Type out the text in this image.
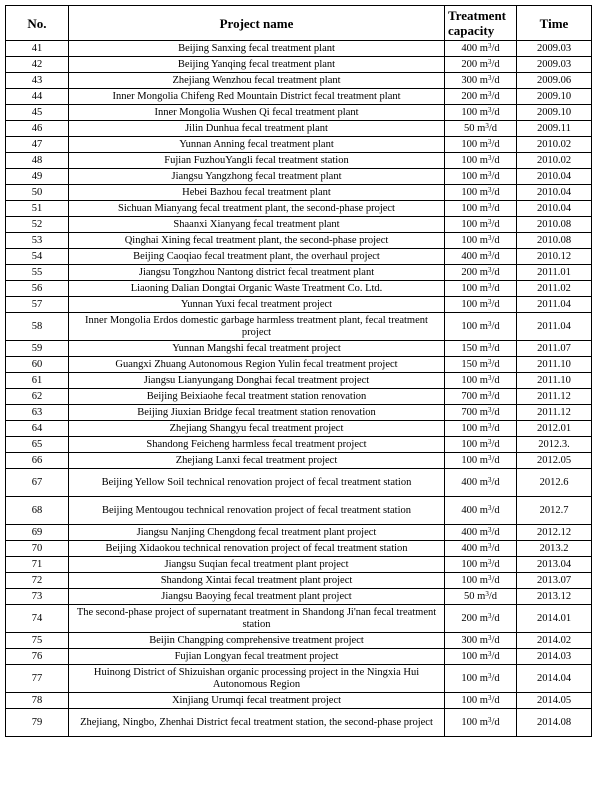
No.	Project name	Treatment capacity	Time
41	Beijing Sanxing fecal treatment plant	400 $m^3/d$	2009.03
42	Beijing Yanqing fecal treatment plant	200 $m^3/d$	2009.03
43	Zhejiang Wenzhou fecal treatment plant	300 $m^3/d$	2009.06
44	Inner Mongolia Chifeng Red Mountain District fecal treatment plant	200 $m^3/d$	2009.10
45	Inner Mongolia Wushen Qi fecal treatment plant	100 $m^3/d$	2009.10
46	Jilin Dunhua fecal treatment plant	50 $m^3/d$	2009.11
47	Yunnan Anning fecal treatment plant	100 $m^3/d$	2010.02
48	Fujian FuzhouYangli fecal treatment station	100 $m^3/d$	2010.02
49	Jiangsu Yangzhong fecal treatment plant	100 $m^3/d$	2010.04
50	Hebei Bazhou fecal treatment plant	100 $m^3/d$	2010.04
51	Sichuan Mianyang fecal treatment plant, the second-phase project	100 $m^3/d$	2010.04
52	Shaanxi Xianyang fecal treatment plant	100 $m^3/d$	2010.08
53	Qinghai Xining fecal treatment plant, the second-phase project	100 $m^3/d$	2010.08
54	Beijing Caoqiao fecal treatment plant, the overhaul project	400 $m^3/d$	2010.12
55	Jiangsu Tongzhou Nantong district fecal treatment plant	200 $m^3/d$	2011.01
56	Liaoning Dalian Dongtai Organic Waste Treatment Co. Ltd.	100 $m^3/d$	2011.02
57	Yunnan Yuxi fecal treatment project	100 $m^3/d$	2011.04
58	Inner Mongolia Erdos domestic garbage harmless treatment plant, fecal treatment project	100 $m^3/d$	2011.04
59	Yunnan Mangshi fecal treatment project	150 $m^3/d$	2011.07
60	Guangxi Zhuang Autonomous Region Yulin fecal treatment project	150 $m^3/d$	2011.10
61	Jiangsu Lianyungang Donghai fecal treatment project	100 $m^3/d$	2011.10
62	Beijing Beixiaohe fecal treatment station renovation	700 $m^3/d$	2011.12
63	Beijing Jiuxian Bridge fecal treatment station renovation	700 $m^3/d$	2011.12
64	Zhejiang Shangyu fecal treatment project	100 $m^3/d$	2012.01
65	Shandong Feicheng harmless fecal treatment project	100 $m^3/d$	2012.3.
66	Zhejiang Lanxi fecal treatment project	100 $m^3/d$	2012.05
67	Beijing Yellow Soil technical renovation project of fecal treatment station	400 $m^3/d$	2012.6
68	Beijing Mentougou technical renovation project of fecal treatment station	400 $m^3/d$	2012.7
69	Jiangsu Nanjing Chengdong fecal treatment plant project	400 $m^3/d$	2012.12
70	Beijing Xidaokou technical renovation project of fecal treatment station	400 $m^3/d$	2013.2
71	Jiangsu Suqian fecal treatment plant project	100 $m^3/d$	2013.04
72	Shandong Xintai fecal treatment plant project	100 $m^3/d$	2013.07
73	Jiangsu Baoying fecal treatment plant project	50 $m^3/d$	2013.12
74	The second-phase project of supernatant treatment in Shandong Ji'nan fecal treatment station	200 $m^3/d$	2014.01
75	Beijin Changping comprehensive treatment project	300 $m^3/d$	2014.02
76	Fujian Longyan fecal treatment project	100 $m^3/d$	2014.03
77	Huinong District of Shizuishan organic processing project in the Ningxia Hui Autonomous Region	100 $m^3/d$	2014.04
78	Xinjiang Urumqi fecal treatment project	100 $m^3/d$	2014.05
79	Zhejiang, Ningbo, Zhenhai District fecal treatment station, the second-phase project	100 $m^3/d$	2014.08
